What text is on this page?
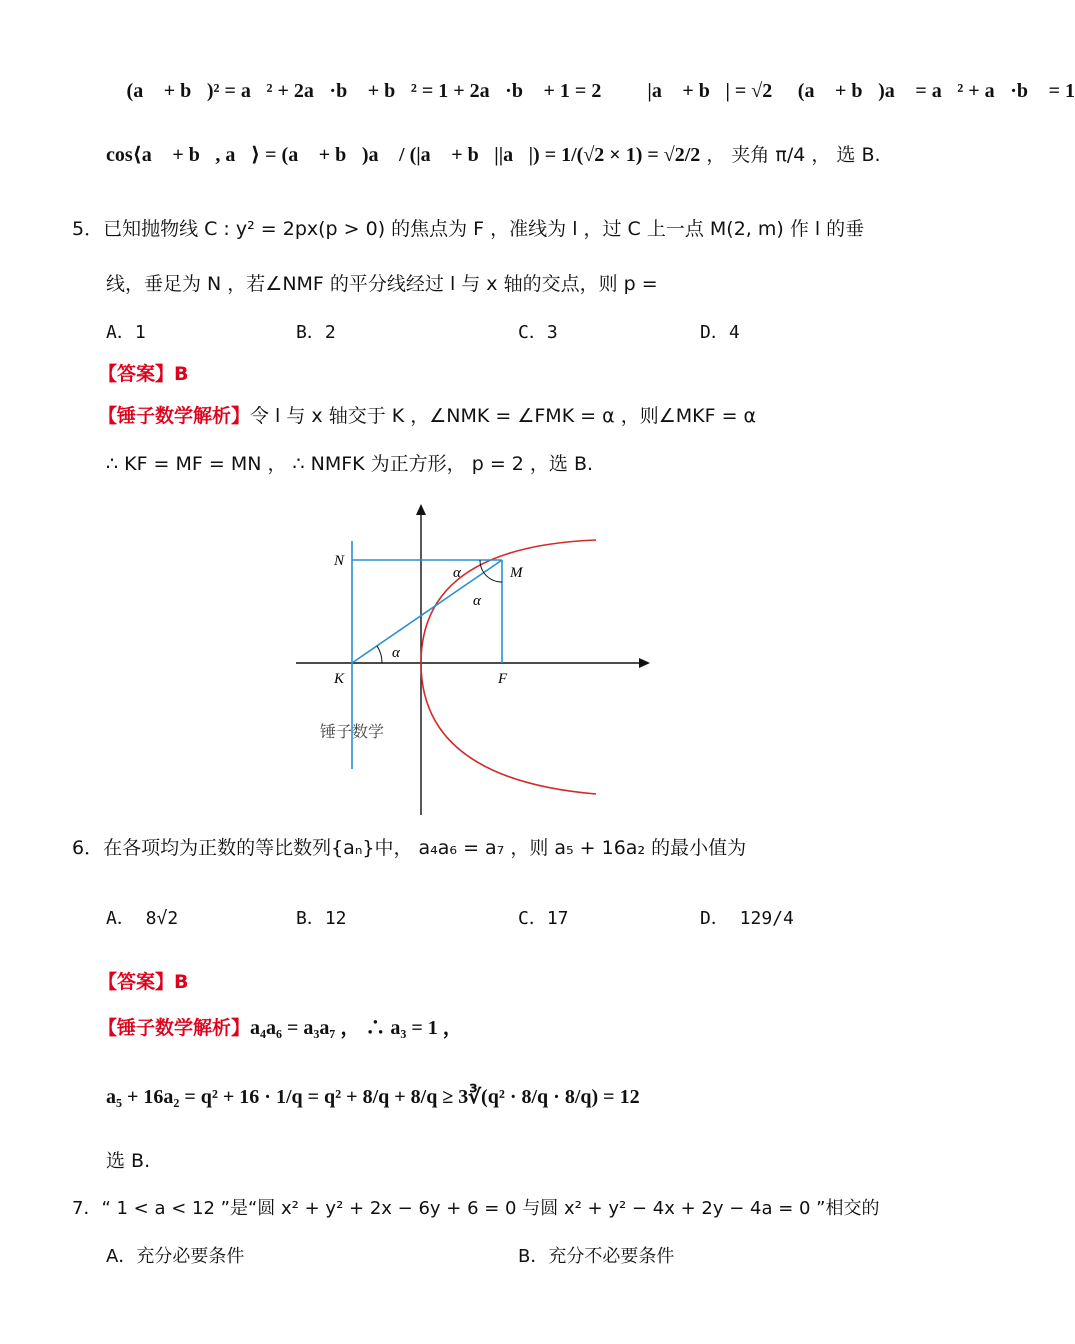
∴ (a⃗ + b⃗)² = a⃗² + 2a⃗·b⃗ + b⃗² = 1 + 2a⃗·b⃗ + 1 = 2 ， ∴ |a⃗ + b⃗| = √2 ， (a⃗ + b⃗)a⃗ = a⃗² + a⃗·b⃗ = 1
cos⟨a⃗ + b⃗, a⃗⟩ = (a⃗ + b⃗)a⃗ / (|a⃗ + b⃗||a⃗|) = 1/(√2 × 1) = √2/2 ， 夹角 π/4 ， 选 B.
5．已知抛物线 C : y² = 2px(p > 0) 的焦点为 F ，准线为 l ，过 C 上一点 M(2, m) 作 l 的垂
线，垂足为 N ，若∠NMF 的平分线经过 l 与 x 轴的交点，则 p =
A．1	B．2	C．3	D．4
【答案】B
【锤子数学解析】令 l 与 x 轴交于 K ，∠NMK = ∠FMK = α ，则∠MKF = α
∴ KF = MF = MN ， ∴ NMFK 为正方形， p = 2 ，选 B.
N
M
K	F
α
α
α
锤子数学
6．在各项均为正数的等比数列{aₙ}中， a₄a₆ = a₇ ，则 a₅ + 16a₂ 的最小值为
A． 8√2	B．12	C．17	D． 129/4
【答案】B
【锤子数学解析】a₄a₆ = a₃a₇ ， ∴ a₃ = 1 ，
a₅ + 16a₂ = q² + 16 · 1/q = q² + 8/q + 8/q ≥ 3∛(q² · 8/q · 8/q) = 12
选 B.
7．“ 1 < a < 12 ”是“圆 x² + y² + 2x − 6y + 6 = 0 与圆 x² + y² − 4x + 2y − 4a = 0 ”相交的
A．充分必要条件	B．充分不必要条件
